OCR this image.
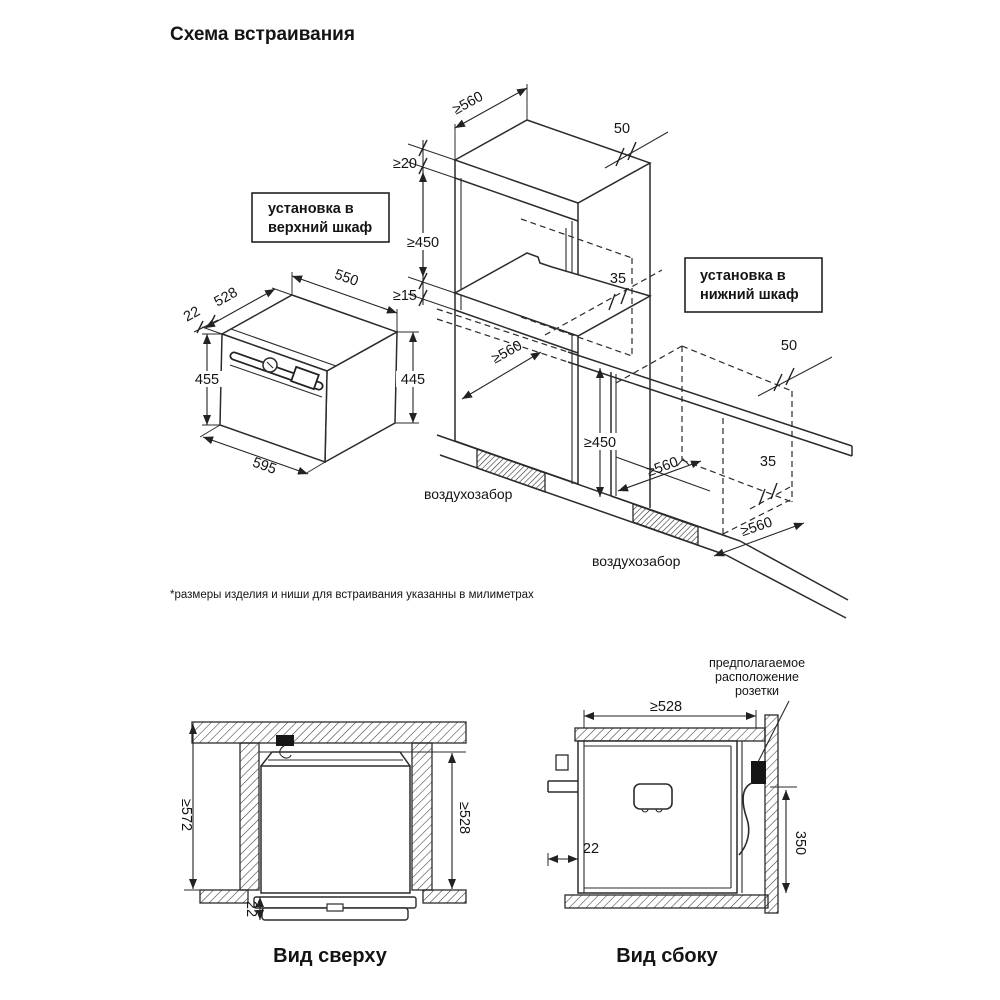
Схема встраивания
≥560
50
≥20
≥450
≥15
≥560
35
воздухозабор
528
22
550
455	445
595
установка в
верхний шкаф
установка в
нижний шкаф
50
≥450
≥560	35
≥560
воздухозабор
*размеры изделия и ниши для встраивания указанны в милиметрах
≥572	≥528
22
Вид сверху
предполагаемое
расположение
розетки
≥528
22	350
Вид сбоку
